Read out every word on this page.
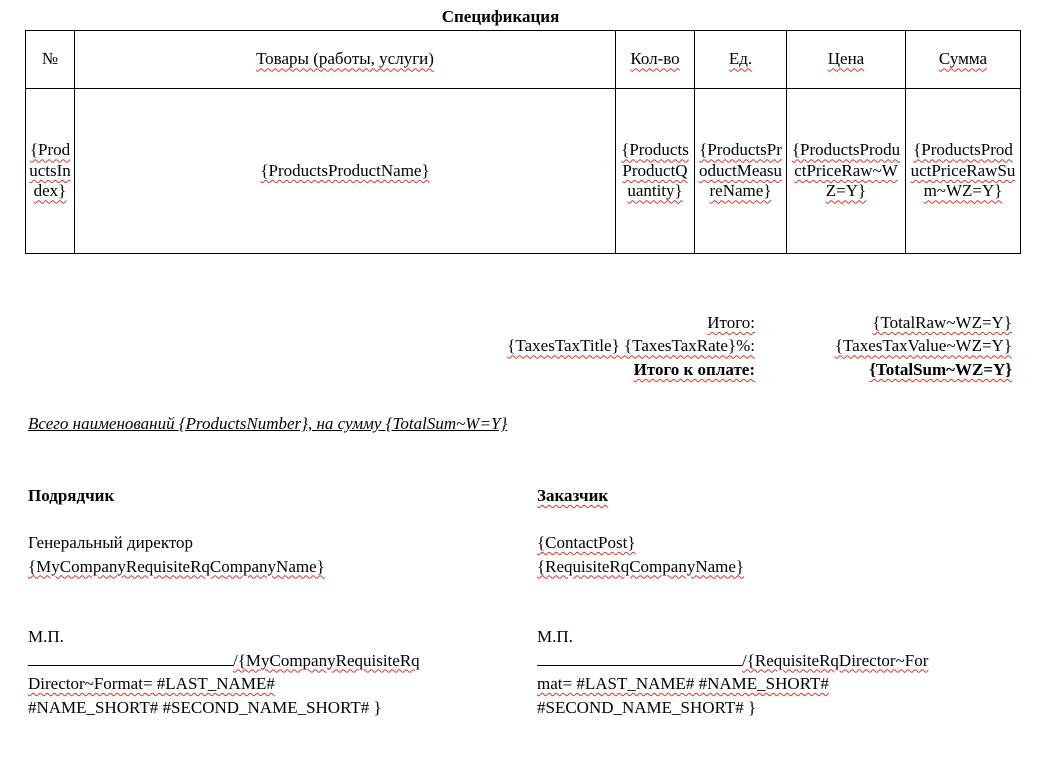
Спецификация
№	Товары (работы, услуги)	Кол-во	Ед.	Цена	Сумма
{ProductsIndex}	{ProductsProductName}	{ProductsProductQuantity}	{ProductsProductMeasureName}	{ProductsProductPriceRaw~WZ=Y}	{ProductsProductPriceRawSum~WZ=Y}
Итого:	{TotalRaw~WZ=Y}
{TaxesTaxTitle} {TaxesTaxRate}%:	{TaxesTaxValue~WZ=Y}
Итого к оплате:	{TotalSum~WZ=Y}
Всего наименований {ProductsNumber}, на сумму {TotalSum~W=Y}
Подрядчик
Генеральный директор
{MyCompanyRequisiteRqCompanyName}
М.П.
/{MyCompanyRequisiteRq
Director~Format= #LAST_NAME#
#NAME_SHORT# #SECOND_NAME_SHORT# }
Заказчик
{ContactPost}
{RequisiteRqCompanyName}
М.П.
/{RequisiteRqDirector~For
mat= #LAST_NAME# #NAME_SHORT#
#SECOND_NAME_SHORT# }
